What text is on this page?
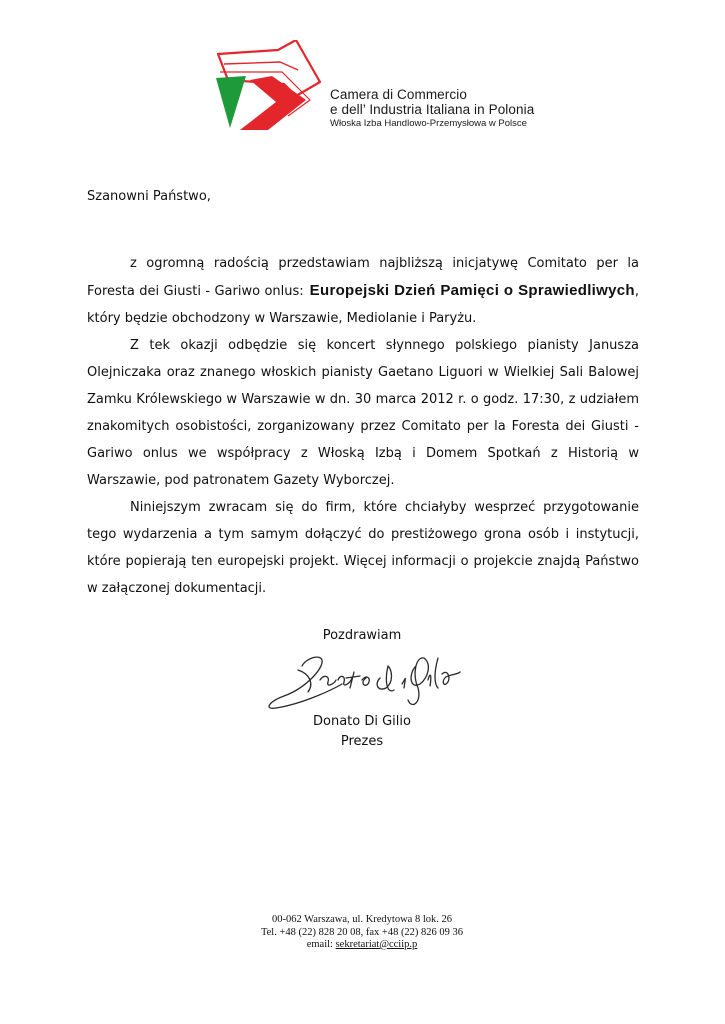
Camera di Commercio
e dell’ Industria Italiana in Polonia
Włoska Izba Handlowo-Przemysłowa w Polsce

Szanowni Państwo,

z ogromną radością przedstawiam najbliższą inicjatywę Comitato per la Foresta dei Giusti - Gariwo onlus: Europejski Dzień Pamięci o Sprawiedliwych, który będzie obchodzony w Warszawie, Mediolanie i Paryżu.

Z tek okazji odbędzie się koncert słynnego polskiego pianisty Janusza Olejniczaka oraz znanego włoskich pianisty Gaetano Liguori w Wielkiej Sali Balowej Zamku Królewskiego w Warszawie w dn. 30 marca 2012 r. o godz. 17:30, z udziałem znakomitych osobistości, zorganizowany przez Comitato per la Foresta dei Giusti - Gariwo onlus we współpracy z Włoską Izbą i Domem Spotkań z Historią w Warszawie, pod patronatem Gazety Wyborczej.

Niniejszym zwracam się do firm, które chciałyby wesprzeć przygotowanie tego wydarzenia a tym samym dołączyć do prestiżowego grona osób i instytucji, które popierają ten europejski projekt. Więcej informacji o projekcie znajdą Państwo w załączonej dokumentacji.

Pozdrawiam
Donato Di Gilio
Prezes
00-062 Warszawa, ul. Kredytowa 8 lok. 26
Tel. +48 (22) 828 20 08, fax +48 (22) 826 09 36
email: sekretariat@cciip.p
